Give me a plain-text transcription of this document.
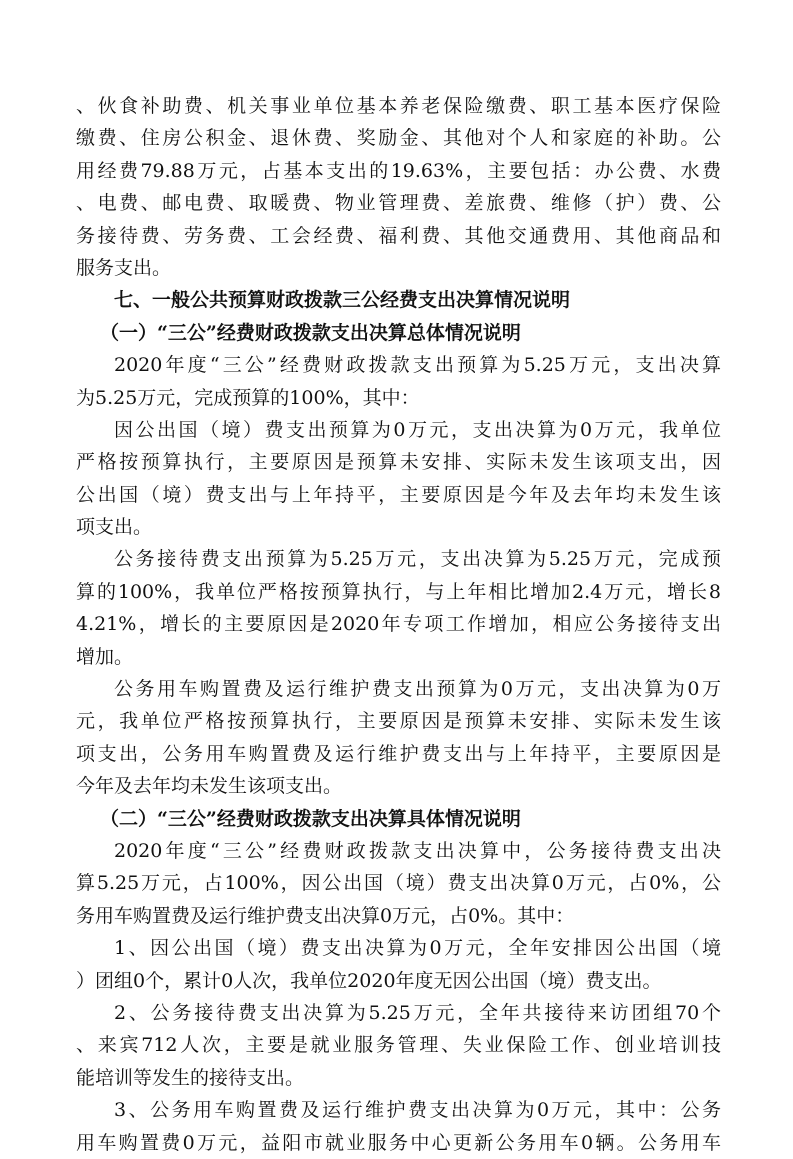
、伙食补助费、机关事业单位基本养老保险缴费、职工基本医疗保险
缴费、住房公积金、退休费、奖励金、其他对个人和家庭的补助。公
用经费79.88万元，占基本支出的19.63%，主要包括：办公费、水费
、电费、邮电费、取暖费、物业管理费、差旅费、维修（护）费、公
务接待费、劳务费、工会经费、福利费、其他交通费用、其他商品和
服务支出。
七、一般公共预算财政拨款三公经费支出决算情况说明
（一）“三公”经费财政拨款支出决算总体情况说明
2020年度“三公”经费财政拨款支出预算为5.25万元，支出决算
为5.25万元，完成预算的100%，其中：
因公出国（境）费支出预算为0万元，支出决算为0万元，我单位
严格按预算执行，主要原因是预算未安排、实际未发生该项支出，因
公出国（境）费支出与上年持平，主要原因是今年及去年均未发生该
项支出。
公务接待费支出预算为5.25万元，支出决算为5.25万元，完成预
算的100%，我单位严格按预算执行，与上年相比增加2.4万元，增长8
4.21%，增长的主要原因是2020年专项工作增加，相应公务接待支出
增加。
公务用车购置费及运行维护费支出预算为0万元，支出决算为0万
元，我单位严格按预算执行，主要原因是预算未安排、实际未发生该
项支出，公务用车购置费及运行维护费支出与上年持平，主要原因是
今年及去年均未发生该项支出。
（二）“三公”经费财政拨款支出决算具体情况说明
2020年度“三公”经费财政拨款支出决算中，公务接待费支出决
算5.25万元，占100%，因公出国（境）费支出决算0万元，占0%，公
务用车购置费及运行维护费支出决算0万元，占0%。其中：
1、因公出国（境）费支出决算为0万元，全年安排因公出国（境
）团组0个，累计0人次，我单位2020年度无因公出国（境）费支出。
2、公务接待费支出决算为5.25万元，全年共接待来访团组70个
、来宾712人次，主要是就业服务管理、失业保险工作、创业培训技
能培训等发生的接待支出。
3、公务用车购置费及运行维护费支出决算为0万元，其中：公务
用车购置费0万元，益阳市就业服务中心更新公务用车0辆。公务用车
